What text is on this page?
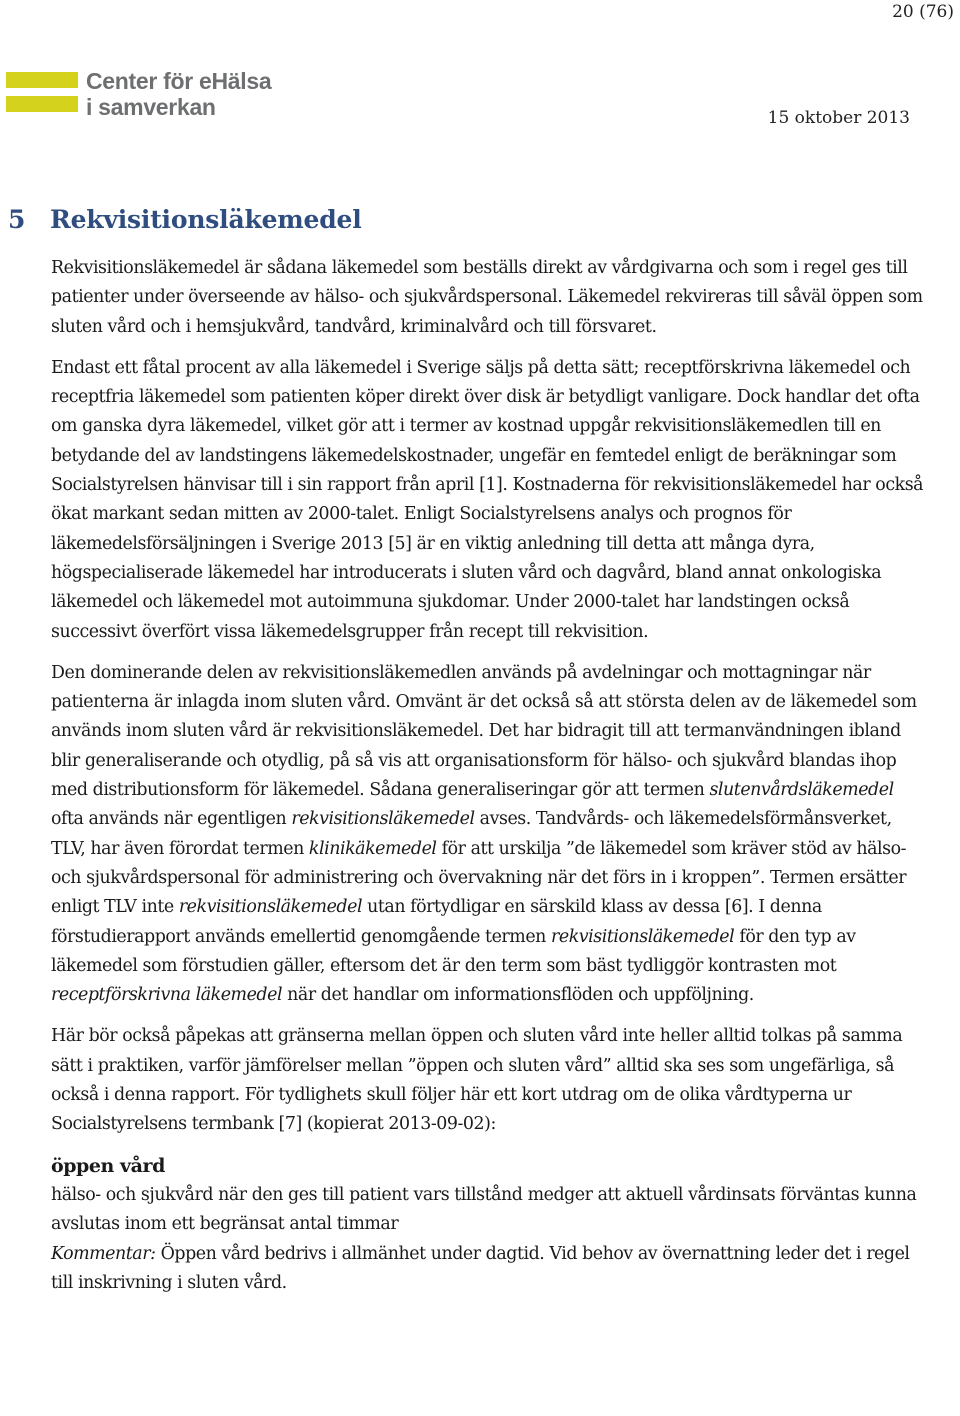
20 (76)
Center för eHälsa
i samverkan	15 oktober 2013
5 Rekvisitionsläkemedel

Rekvisitionsläkemedel är sådana läkemedel som beställs direkt av vårdgivarna och som i regel ges till patienter under överseende av hälso- och sjukvårdspersonal. Läkemedel rekvireras till såväl öppen som sluten vård och i hemsjukvård, tandvård, kriminalvård och till försvaret.

Endast ett fåtal procent av alla läkemedel i Sverige säljs på detta sätt; receptförskrivna läkemedel och receptfria läkemedel som patienten köper direkt över disk är betydligt vanligare. Dock handlar det ofta om ganska dyra läkemedel, vilket gör att i termer av kostnad uppgår rekvisitionsläkemedlen till en betydande del av landstingens läkemedelskostnader, ungefär en femtedel enligt de beräkningar som Socialstyrelsen hänvisar till i sin rapport från april [1]. Kostnaderna för rekvisitionsläkemedel har också ökat markant sedan mitten av 2000-talet. Enligt Socialstyrelsens analys och prognos för läkemedelsförsäljningen i Sverige 2013 [5] är en viktig anledning till detta att många dyra, högspecialiserade läkemedel har introducerats i sluten vård och dagvård, bland annat onkologiska läkemedel och läkemedel mot autoimmuna sjukdomar. Under 2000-talet har landstingen också successivt överfört vissa läkemedelsgrupper från recept till rekvisition.

Den dominerande delen av rekvisitionsläkemedlen används på avdelningar och mottagningar när patienterna är inlagda inom sluten vård. Omvänt är det också så att största delen av de läkemedel som används inom sluten vård är rekvisitionsläkemedel. Det har bidragit till att termanvändningen ibland blir generaliserande och otydlig, på så vis att organisationsform för hälso- och sjukvård blandas ihop med distributionsform för läkemedel. Sådana generaliseringar gör att termen slutenvårdsläkemedel ofta används när egentligen rekvisitionsläkemedel avses. Tandvårds- och läkemedelsförmånsverket, TLV, har även förordat termen klinikäkemedel för att urskilja ”de läkemedel som kräver stöd av hälso- och sjukvårdspersonal för administrering och övervakning när det förs in i kroppen”. Termen ersätter enligt TLV inte rekvisitionsläkemedel utan förtydligar en särskild klass av dessa [6]. I denna förstudierapport används emellertid genomgående termen rekvisitionsläkemedel för den typ av läkemedel som förstudien gäller, eftersom det är den term som bäst tydliggör kontrasten mot receptförskrivna läkemedel när det handlar om informationsflöden och uppföljning.

Här bör också påpekas att gränserna mellan öppen och sluten vård inte heller alltid tolkas på samma sätt i praktiken, varför jämförelser mellan ”öppen och sluten vård” alltid ska ses som ungefärliga, så också i denna rapport. För tydlighets skull följer här ett kort utdrag om de olika vårdtyperna ur Socialstyrelsens termbank [7] (kopierat 2013-09-02):

öppen vård
hälso- och sjukvård när den ges till patient vars tillstånd medger att aktuell vårdinsats förväntas kunna avslutas inom ett begränsat antal timmar
Kommentar: Öppen vård bedrivs i allmänhet under dagtid. Vid behov av övernattning leder det i regel till inskrivning i sluten vård.
